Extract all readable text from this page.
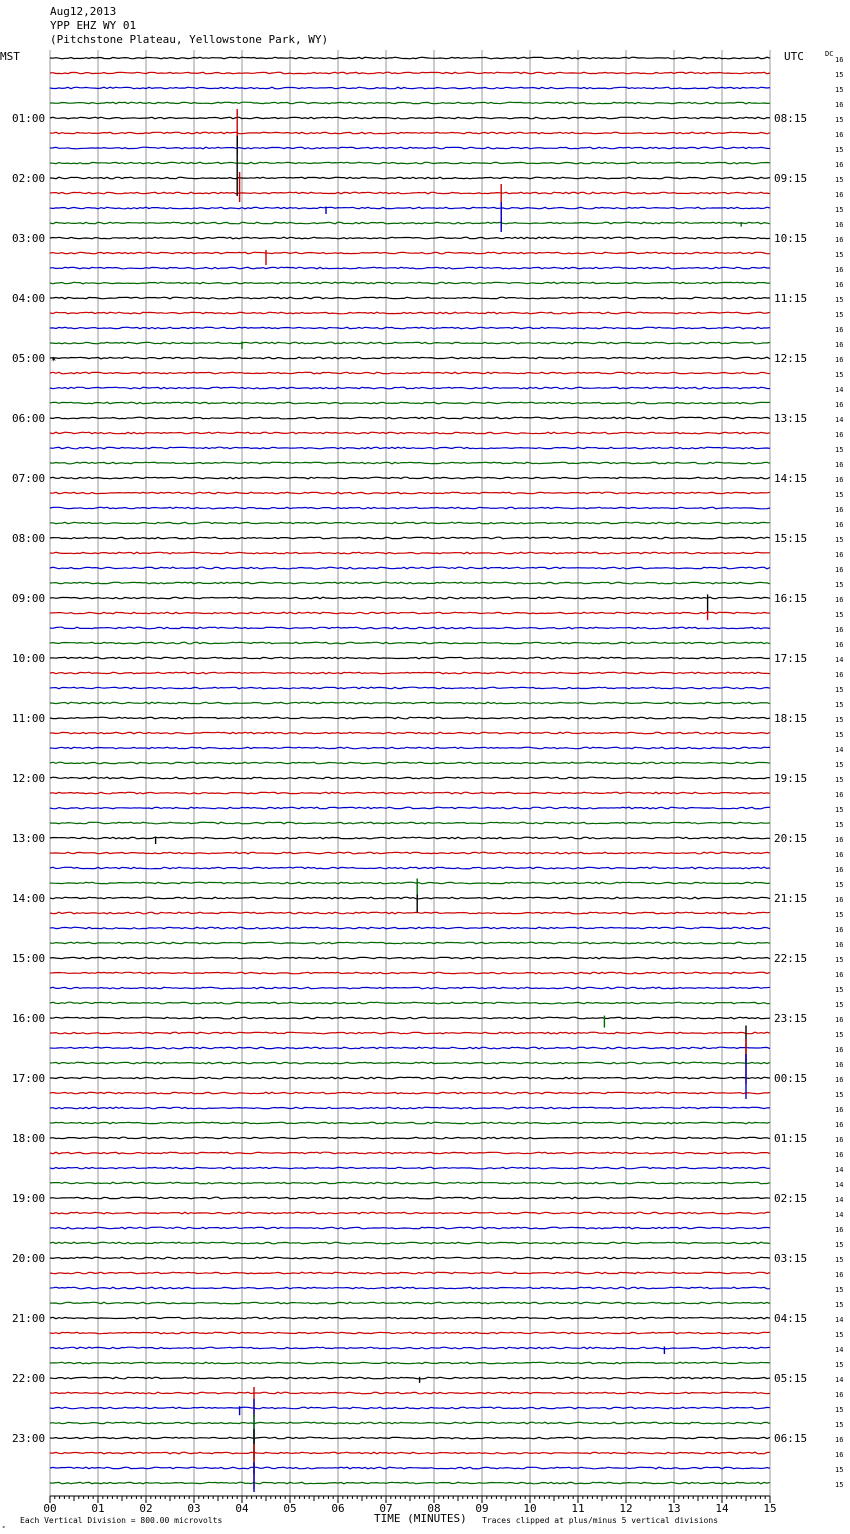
Aug12,2013
YPP EHZ WY 01
(Pitchstone Plateau, Yellowstone Park, WY)
01:00	08:15
02:00	09:15
03:00	10:15
04:00	11:15
05:00	12:15
06:00	13:15
07:00	14:15
08:00	15:15
09:00	16:15
10:00	17:15
11:00	18:15
12:00	19:15
13:00	20:15
14:00	21:15
15:00	22:15
16:00	23:15
17:00	00:15
18:00	01:15
19:00	02:15
20:00	03:15
21:00	04:15
22:00	05:15
23:00	06:15
16
15
15
16
15
16
15
16
15
16
15
16
16
15
16
16
15
15
16
16
16
15
14
16
14
16
15
16
16
15
16
16
15
16
16
15
16
15
16
16
14
16
15
15
15
15
14
15
15
16
15
15
16
16
16
15
16
15
16
16
15
16
15
15
16
15
16
16
16
15
16
16
16
16
14
14
14
14
16
15
15
16
15
15
14
15
14
15
14
16
15
15
16
16
15
15
✶
MST	UTC	DC
00	01	02	03	04	05	06	07	08	09	10	11	12	13	14	15
ₘ
Each Vertical Division = 800.00 microvolts	TIME (MINUTES) Traces clipped at plus/minus 5 vertical divisions
